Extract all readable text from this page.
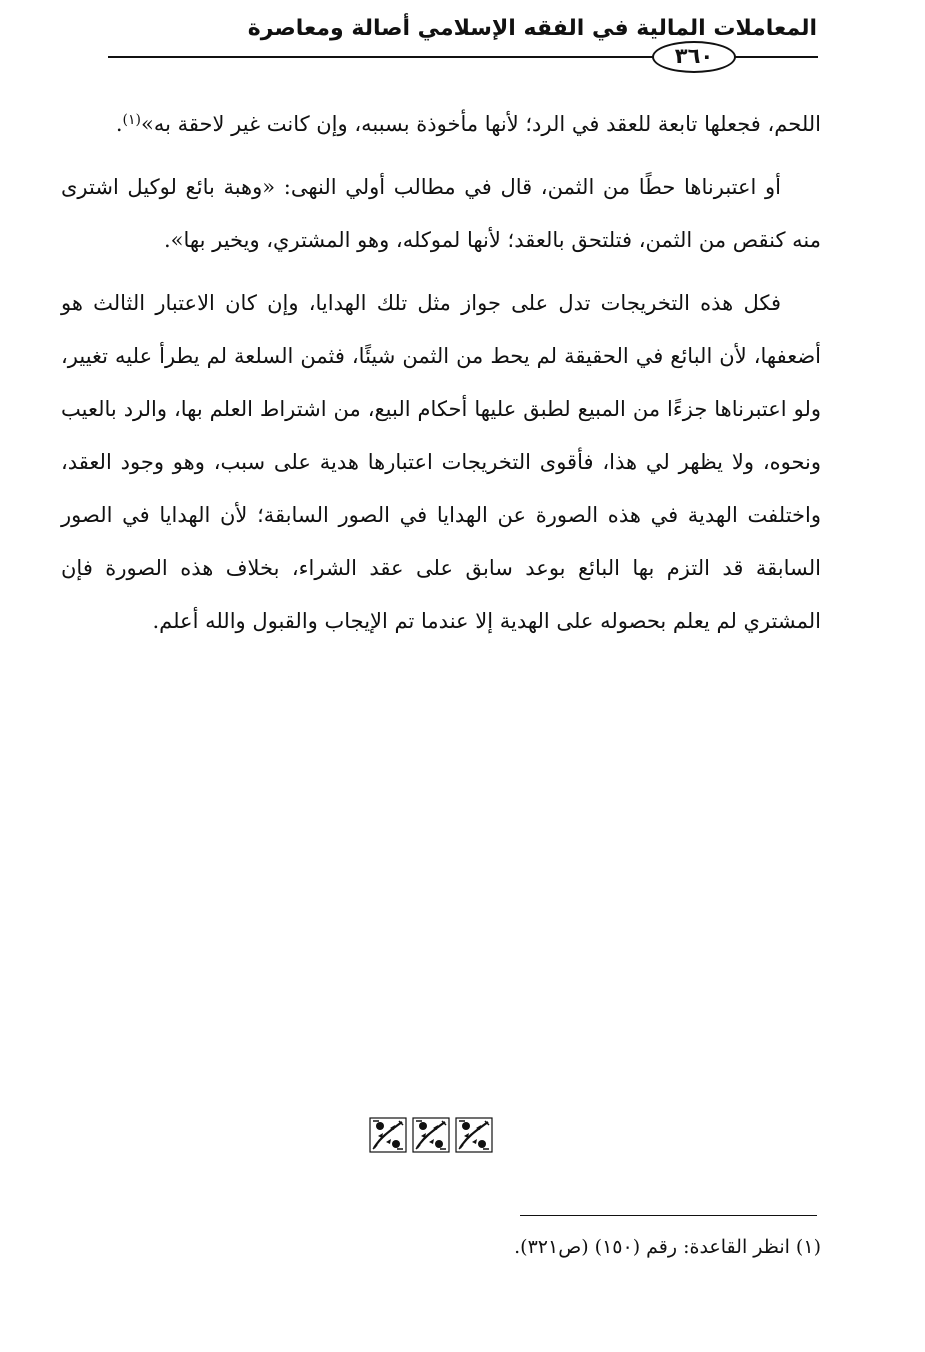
المعاملات المالية في الفقه الإسلامي أصالة ومعاصرة
٣٦٠

اللحم، فجعلها تابعة للعقد في الرد؛ لأنها مأخوذة بسببه، وإن كانت غير لاحقة به»$^{(١)}$.

أو اعتبرناها حطًا من الثمن، قال في مطالب أولي النهى: «وهبة بائع لوكيل اشترى منه كنقص من الثمن، فتلتحق بالعقد؛ لأنها لموكله، وهو المشتري، ويخير بها».

فكل هذه التخريجات تدل على جواز مثل تلك الهدايا، وإن كان الاعتبار الثالث هو أضعفها، لأن البائع في الحقيقة لم يحط من الثمن شيئًا، فثمن السلعة لم يطرأ عليه تغيير، ولو اعتبرناها جزءًا من المبيع لطبق عليها أحكام البيع، من اشتراط العلم بها، والرد بالعيب ونحوه، ولا يظهر لي هذا، فأقوى التخريجات اعتبارها هدية على سبب، وهو وجود العقد، واختلفت الهدية في هذه الصورة عن الهدايا في الصور السابقة؛ لأن الهدايا في الصور السابقة قد التزم بها البائع بوعد سابق على عقد الشراء، بخلاف هذه الصورة فإن المشتري لم يعلم بحصوله على الهدية إلا عندما تم الإيجاب والقبول والله أعلم.

(١) انظر القاعدة: رقم (١٥٠) (ص٣٢١).
